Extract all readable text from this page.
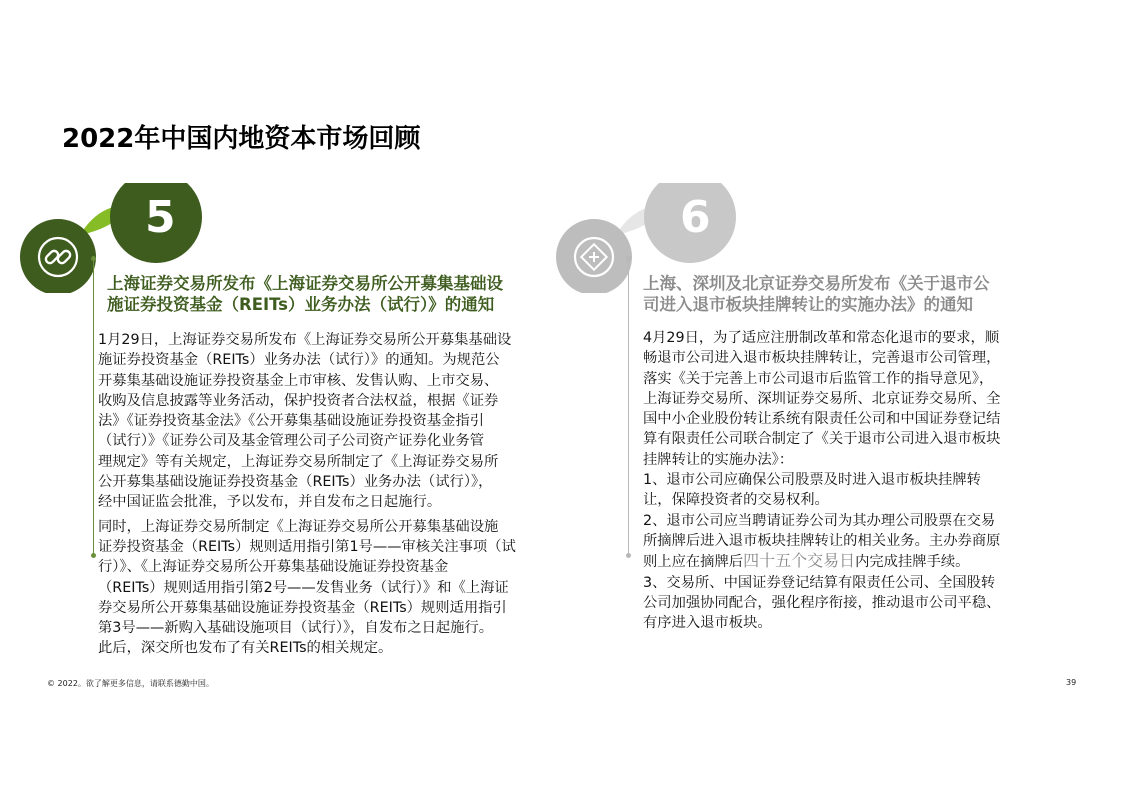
2022年中国内地资本市场回顾
5
上海证券交易所发布《上海证券交易所公开募集基础设
施证券投资基金（REITs）业务办法（试行）》的通知

1月29日，上海证券交易所发布《上海证券交易所公开募集基础设

施证券投资基金（REITs）业务办法（试行）》的通知。为规范公

开募集基础设施证券投资基金上市审核、发售认购、上市交易、

收购及信息披露等业务活动，保护投资者合法权益，根据《证券

法》《证券投资基金法》《公开募集基础设施证券投资基金指引

（试行）》《证券公司及基金管理公司子公司资产证券化业务管

理规定》等有关规定，上海证券交易所制定了《上海证券交易所

公开募集基础设施证券投资基金（REITs）业务办法（试行）》，

经中国证监会批准，予以发布，并自发布之日起施行。

同时，上海证券交易所制定《上海证券交易所公开募集基础设施

证券投资基金（REITs）规则适用指引第1号——审核关注事项（试

行）》、《上海证券交易所公开募集基础设施证券投资基金

（REITs）规则适用指引第2号——发售业务（试行）》和《上海证

券交易所公开募集基础设施证券投资基金（REITs）规则适用指引

第3号——新购入基础设施项目（试行）》，自发布之日起施行。

此后，深交所也发布了有关REITs的相关规定。

6
上海、深圳及北京证券交易所发布《关于退市公
司进入退市板块挂牌转让的实施办法》的通知

4月29日，为了适应注册制改革和常态化退市的要求，顺

畅退市公司进入退市板块挂牌转让，完善退市公司管理，

落实《关于完善上市公司退市后监管工作的指导意见》，

上海证券交易所、深圳证券交易所、北京证券交易所、全

国中小企业股份转让系统有限责任公司和中国证券登记结

算有限责任公司联合制定了《关于退市公司进入退市板块

挂牌转让的实施办法》：

1、退市公司应确保公司股票及时进入退市板块挂牌转

让，保障投资者的交易权利。

2、退市公司应当聘请证券公司为其办理公司股票在交易

所摘牌后进入退市板块挂牌转让的相关业务。主办券商原

则上应在摘牌后四十五个交易日内完成挂牌手续。

3、交易所、中国证券登记结算有限责任公司、全国股转

公司加强协同配合，强化程序衔接，推动退市公司平稳、

有序进入退市板块。

© 2022。欲了解更多信息，请联系德勤中国。	39
